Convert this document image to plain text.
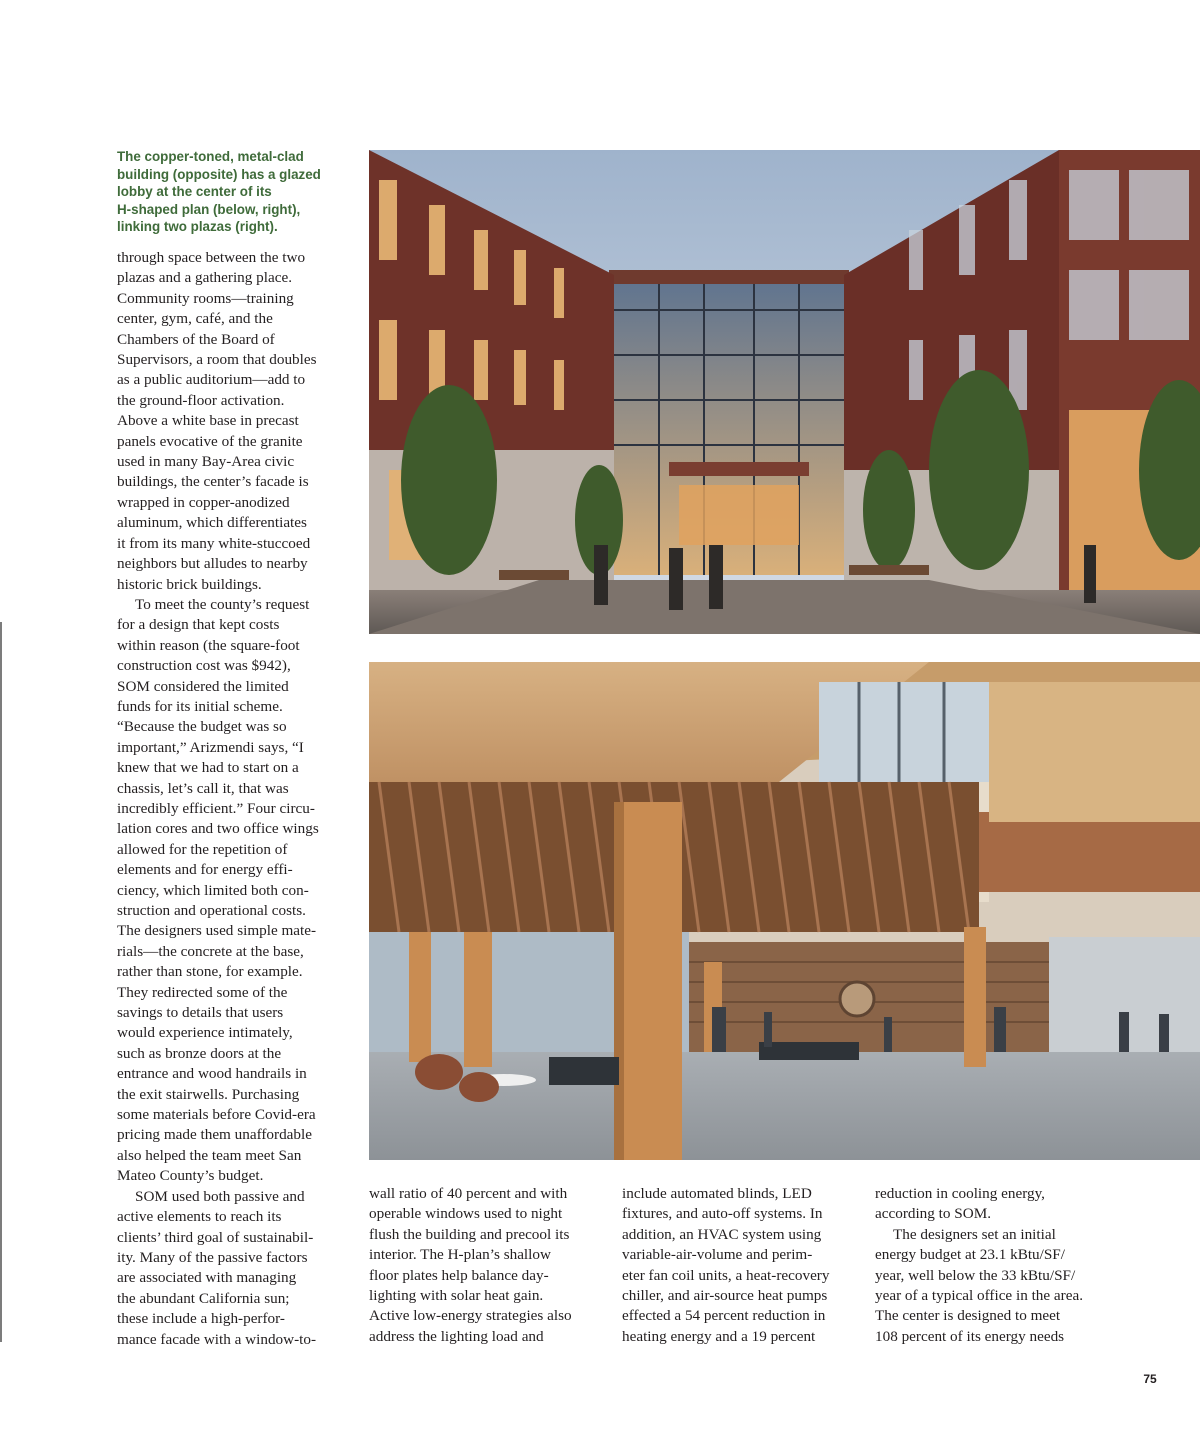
The copper-toned, metal-clad
building (opposite) has a glazed
lobby at the center of its
H-shaped plan (below, right),
linking two plazas (right).

through space between the two
plazas and a gathering place.
Community rooms—training
center, gym, café, and the
Chambers of the Board of
Supervisors, a room that doubles
as a public auditorium—add to
the ground-floor activation.
Above a white base in precast
panels evocative of the granite
used in many Bay-Area civic
buildings, the center’s facade is
wrapped in copper-anodized
aluminum, which differentiates
it from its many white-stuccoed
neighbors but alludes to nearby
historic brick buildings.

To meet the county’s request
for a design that kept costs
within reason (the square-foot
construction cost was $942),
SOM considered the limited
funds for its initial scheme.
“Because the budget was so
important,” Arizmendi says, “I
knew that we had to start on a
chassis, let’s call it, that was
incredibly efficient.” Four circu-
lation cores and two office wings
allowed for the repetition of
elements and for energy effi-
ciency, which limited both con-
struction and operational costs.
The designers used simple mate-
rials—the concrete at the base,
rather than stone, for example.
They redirected some of the
savings to details that users
would experience intimately,
such as bronze doors at the
entrance and wood handrails in
the exit stairwells. Purchasing
some materials before Covid-era
pricing made them unaffordable
also helped the team meet San
Mateo County’s budget.

SOM used both passive and
active elements to reach its
clients’ third goal of sustainabil-
ity. Many of the passive factors
are associated with managing
the abundant California sun;
these include a high-perfor-
mance facade with a window-to-

wall ratio of 40 percent and with
operable windows used to night
flush the building and precool its
interior. The H-plan’s shallow
floor plates help balance day-
lighting with solar heat gain.
Active low-energy strategies also
address the lighting load and

include automated blinds, LED
fixtures, and auto-off systems. In
addition, an HVAC system using
variable-air-volume and perim-
eter fan coil units, a heat-recovery
chiller, and air-source heat pumps
effected a 54 percent reduction in
heating energy and a 19 percent

reduction in cooling energy,
according to SOM.

The designers set an initial
energy budget at 23.1 kBtu/SF/
year, well below the 33 kBtu/SF/
year of a typical office in the area.
The center is designed to meet
108 percent of its energy needs

75
